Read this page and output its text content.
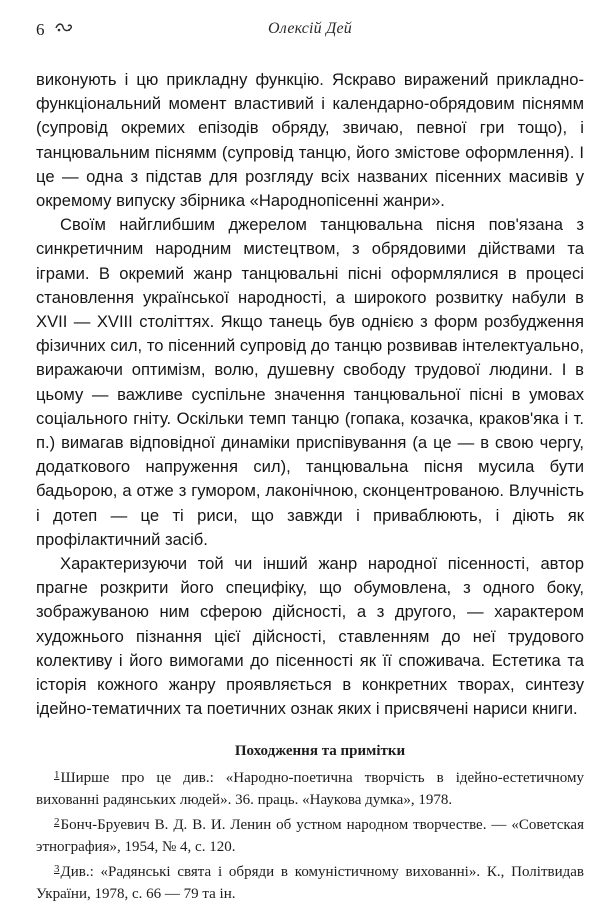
6	Олексій Дей

виконують і цю прикладну функцію. Яскраво виражений прикладно-функціональний момент властивий і календарно-обрядовим піснямм (супровід окремих епізодів обряду, звичаю, певної гри тощо), і танцювальним піснямм (супровід танцю, його змістове оформлення). І це — одна з підстав для розгляду всіх названих пісенних масивів у окремому випуску збірника «Народнопісенні жанри».

Своїм найглибшим джерелом танцювальна пісня пов'язана з синкретичним народним мистецтвом, з обрядовими дійствами та іграми. В окремий жанр танцювальні пісні оформлялися в процесі становлення української народності, а широкого розвитку набули в XVII — XVIII століттях. Якщо танець був однією з форм розбудження фізичних сил, то пісенний супровід до танцю розвивав інтелектуально, виражаючи оптимізм, волю, душевну свободу трудової людини. І в цьому — важливе суспільне значення танцювальної пісні в умовах соціального гніту. Оскільки темп танцю (гопака, козачка, краков'яка і т. п.) вимагав відповідної динаміки приспівування (а це — в свою чергу, додаткового напруження сил), танцювальна пісня мусила бути бадьорою, а отже з гумором, лаконічною, сконцентрованою. Влучність і дотеп — це ті риси, що завжди і приваблюють, і діють як профілактичний засіб.

Характеризуючи той чи інший жанр народної пісенності, автор прагне розкрити його специфіку, що обумовлена, з одного боку, зображуваною ним сферою дійсності, а з другого, — характером художнього пізнання цієї дійсності, ставленням до неї трудового колективу і його вимогами до пісенності як її споживача. Естетика та історія кожного жанру проявляється в конкретних творах, синтезу ідейно-тематичних та поетичних ознак яких і присвячені нариси книги.

Походження та примітки
1Ширше про це див.: «Народно-поетична творчість в ідейно-естетичному вихованні радянських людей». 36. праць. «Наукова думка», 1978.
2Бонч-Бруевич В. Д. В. И. Ленин об устном народном творчестве. — «Советская этнография», 1954, № 4, с. 120.
3Див.: «Радянські свята і обряди в комуністичному вихованні». К., Політвидав України, 1978, с. 66 — 79 та ін.
